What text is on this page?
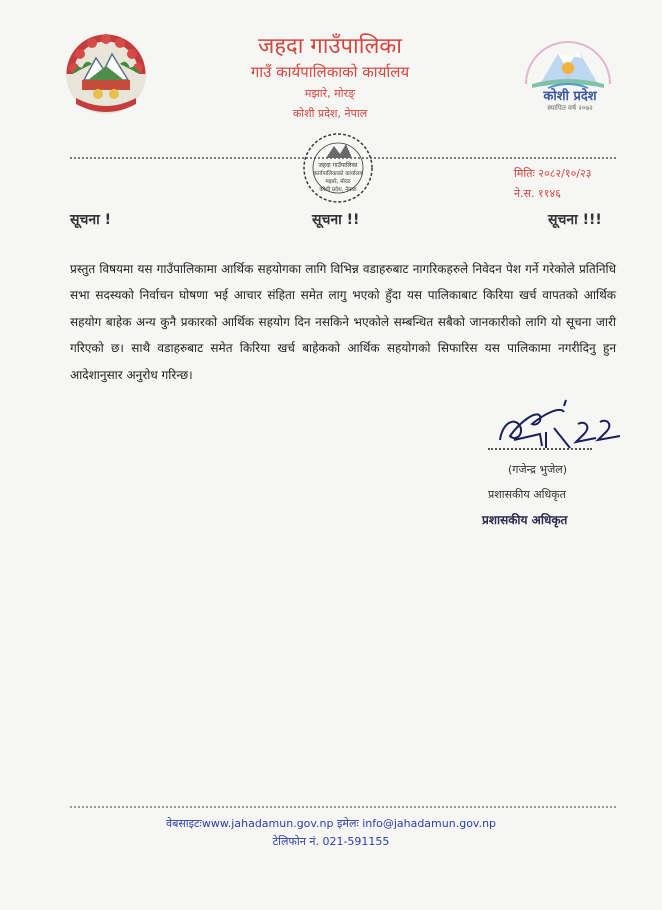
जहदा गाउँपालिका
गाउँ कार्यपालिकाको कार्यालय
मझारे, मोरङ्
कोशी प्रदेश, नेपाल
कोशी प्रदेश
स्थापित वर्ष २०७२
जहदा गाउँपालिका
कार्यपालिकाको कार्यालय
मझारे, मोरङ
कोशी प्रदेश, नेपाल
मितिः २०८२/१०/२३
ने.स. ११४६
सूचना !	सूचना !!	सूचना !!!

प्रस्तुत विषयमा यस गाउँपालिकामा आर्थिक सहयोगका लागि विभिन्न वडाहरुबाट नागरिकहरुले निवेदन पेश गर्ने गरेकोले प्रतिनिधि सभा सदस्यको निर्वाचन घोषणा भई आचार संहिता समेत लागु भएको हुँदा यस पालिकाबाट किरिया खर्च वापतको आर्थिक सहयोग बाहेक अन्य कुनै प्रकारको आर्थिक सहयोग दिन नसकिने भएकोले सम्बन्धित सबैको जानकारीको लागि यो सूचना जारी गरिएको छ। साथै वडाहरुबाट समेत किरिया खर्च बाहेकको आर्थिक सहयोगको सिफारिस यस पालिकामा नगरीदिनु हुन आदेशानुसार अनुरोध गरिन्छ।

(गजेन्द्र भुजेल)
प्रशासकीय अधिकृत
प्रशासकीय अधिकृत
वेबसाइटःwww.jahadamun.gov.np इमेलः info@jahadamun.gov.np
टेलिफोन नं. 021-591155
